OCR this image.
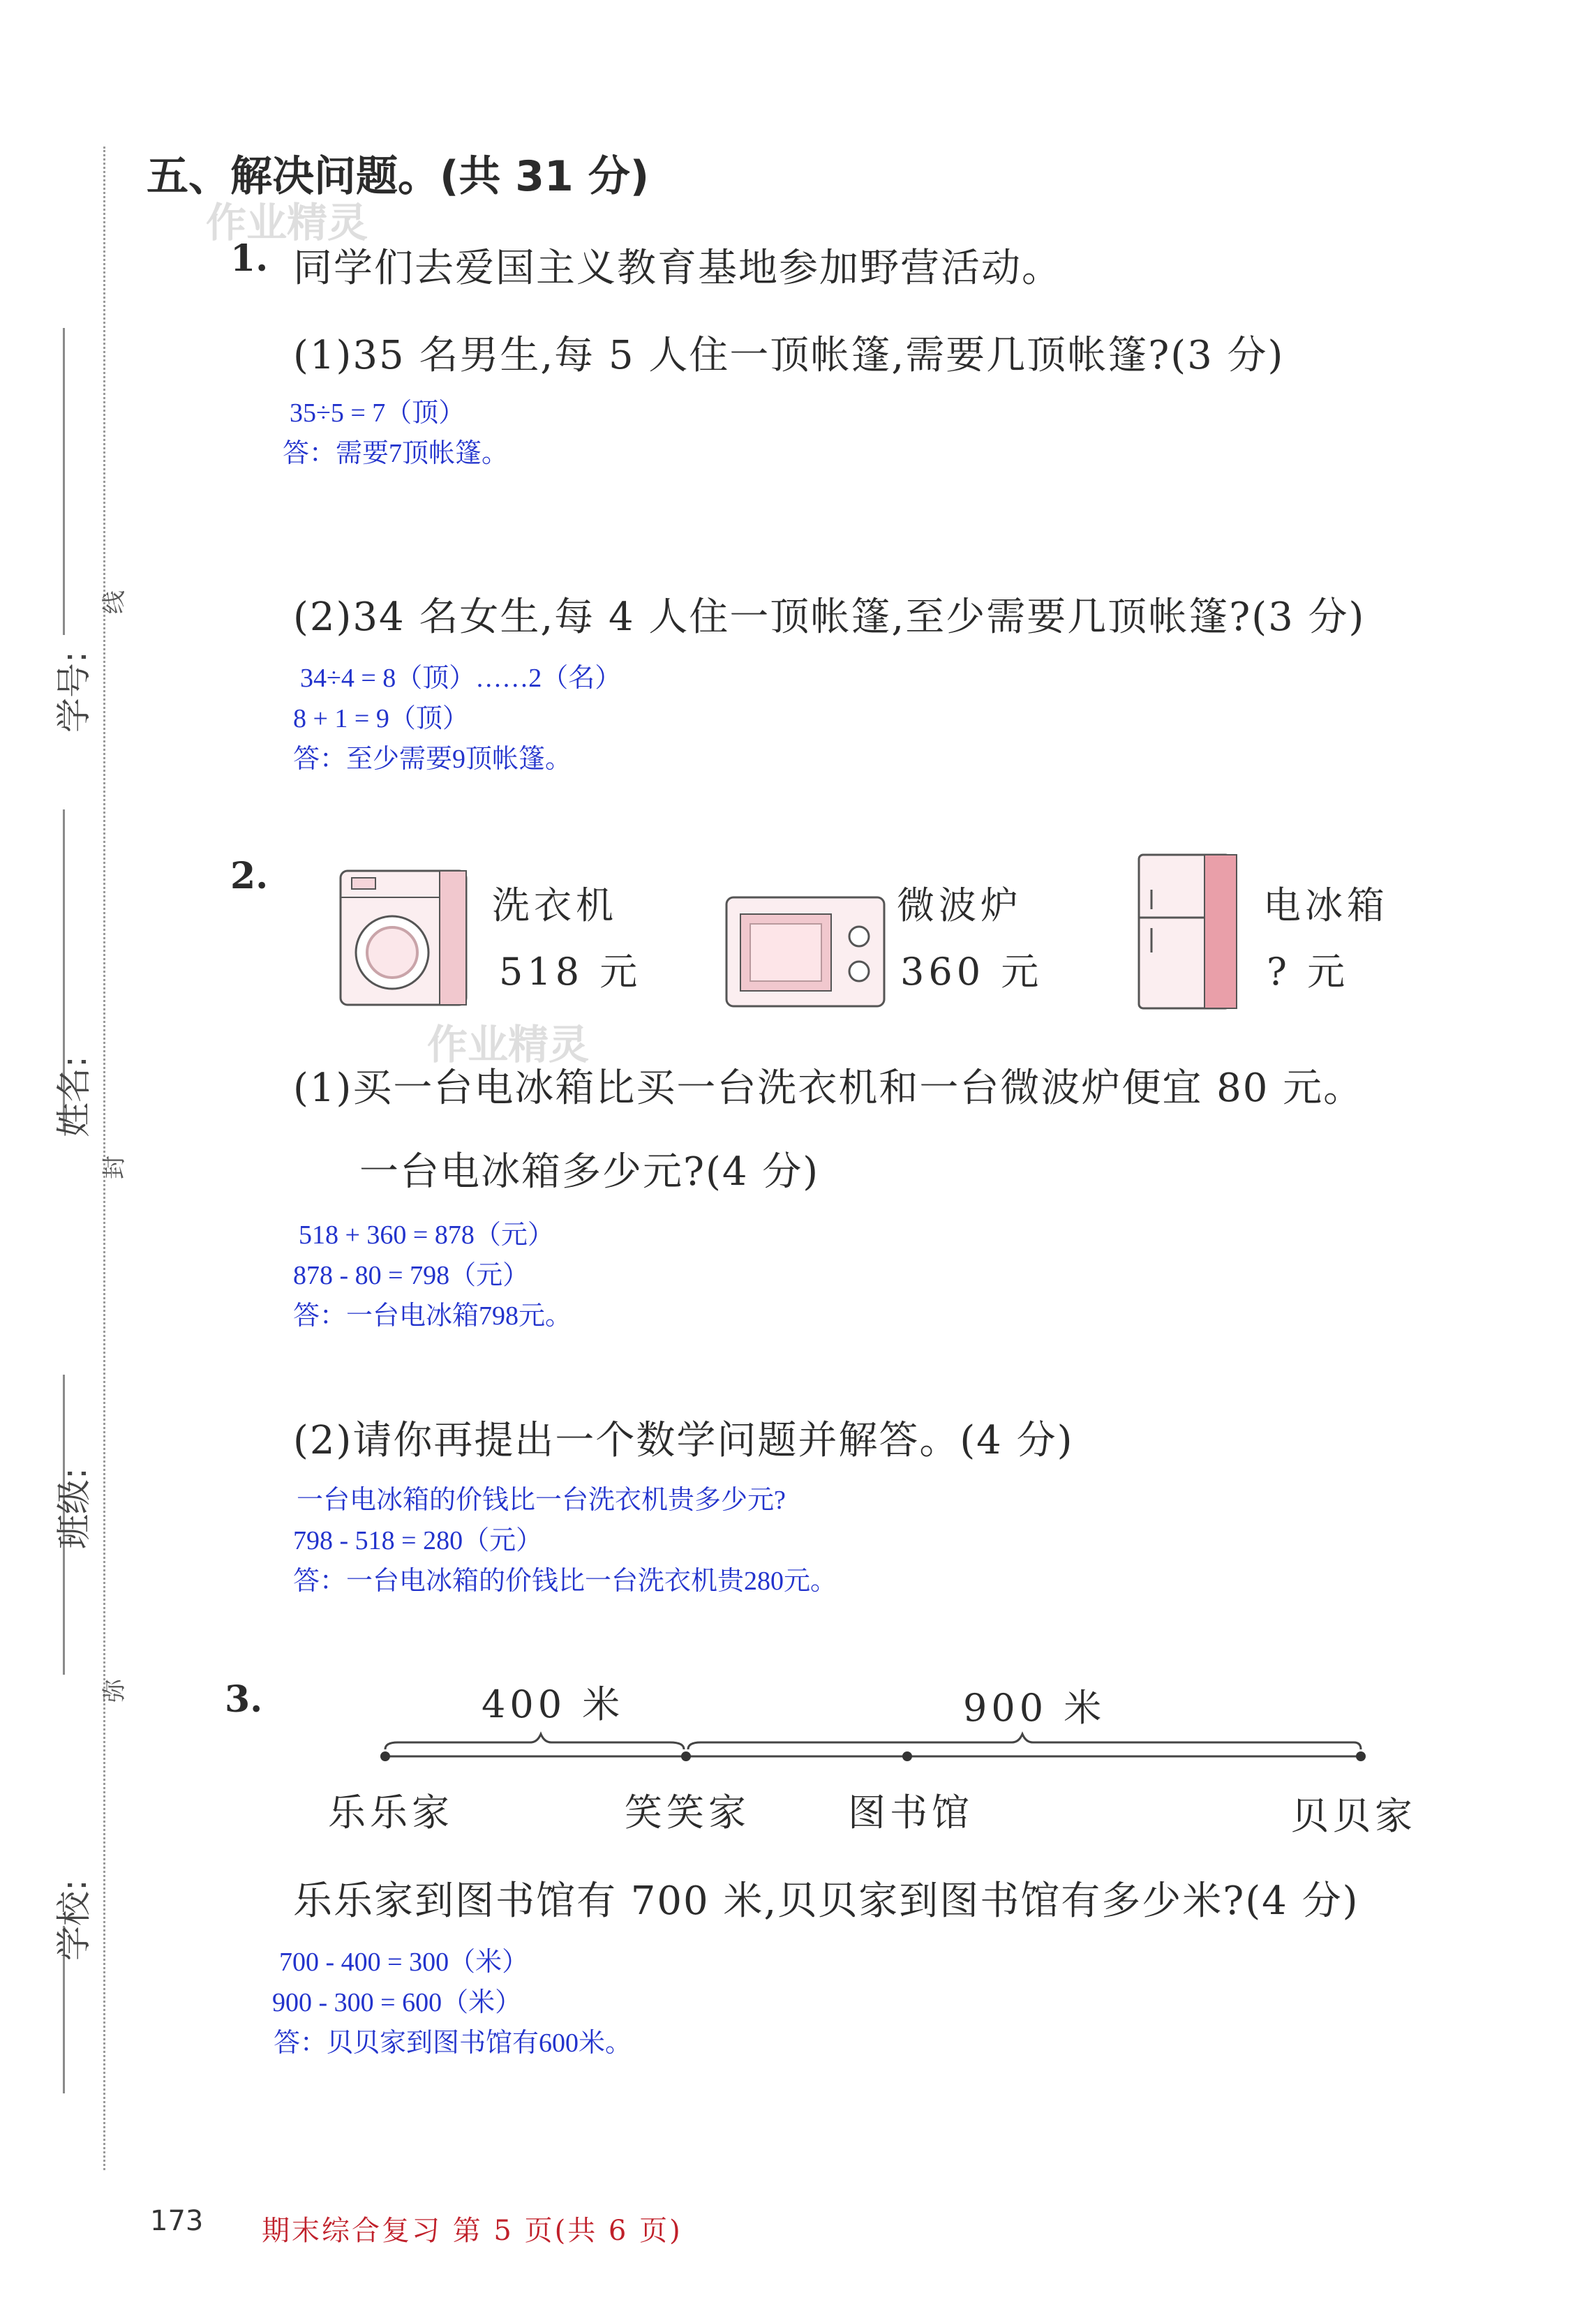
学校:
班级:
姓名:
学号:
线
封
弥
作业精灵
作业精灵
五、解决问题。(共 31 分)
1. 同学们去爱国主义教育基地参加野营活动。
(1)35 名男生,每 5 人住一顶帐篷,需要几顶帐篷?(3 分)
35÷5 = 7（顶）
答：需要7顶帐篷。
(2)34 名女生,每 4 人住一顶帐篷,至少需要几顶帐篷?(3 分)
34÷4 = 8（顶）……2（名）
8 + 1 = 9（顶）
答：至少需要9顶帐篷。
2.
洗衣机
518 元
微波炉
360 元
电冰箱
? 元
(1)买一台电冰箱比买一台洗衣机和一台微波炉便宜 80 元。
一台电冰箱多少元?(4 分)
518 + 360 = 878（元）
878 - 80 = 798（元）
答：一台电冰箱798元。
(2)请你再提出一个数学问题并解答。(4 分)
一台电冰箱的价钱比一台洗衣机贵多少元?
798 - 518 = 280（元）
答：一台电冰箱的价钱比一台洗衣机贵280元。
3.	400 米	900 米
乐乐家	笑笑家	图书馆	贝贝家
乐乐家到图书馆有 700 米,贝贝家到图书馆有多少米?(4 分)
700 - 400 = 300（米）
900 - 300 = 600（米）
答：贝贝家到图书馆有600米。
173 期末综合复习 第 5 页(共 6 页)
